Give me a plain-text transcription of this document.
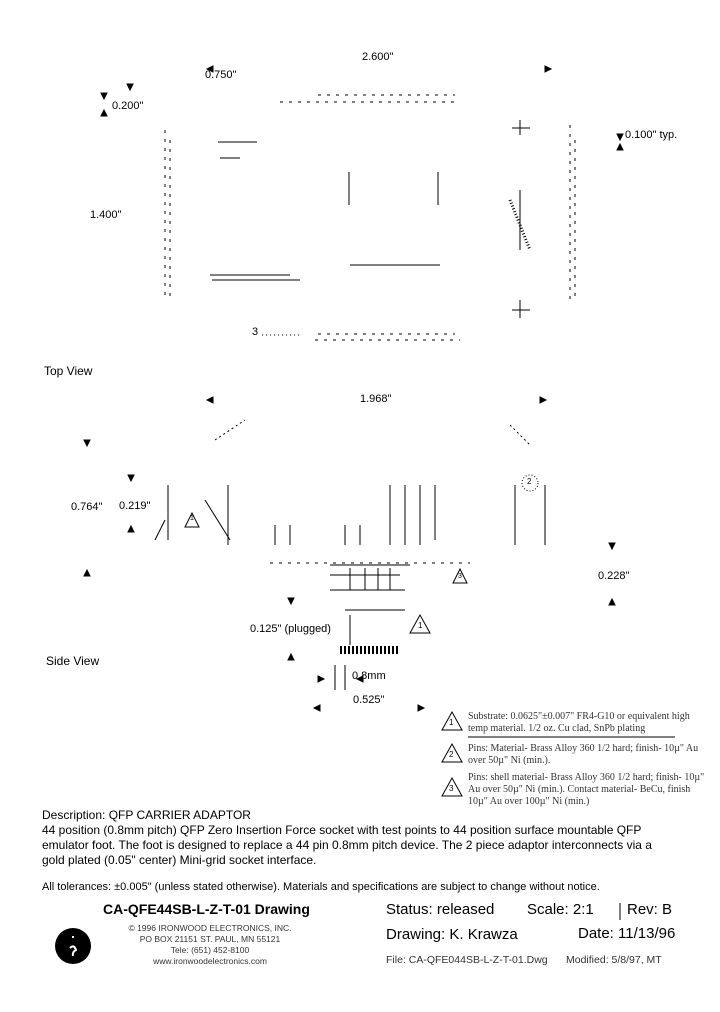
2.600"
0.750"
0.200"
0.100" typ.
1.400"
3
Top View
1.968"
0.764" 0.219"
0.228"
0.125" (plugged)
0.8mm
0.525"
1
2
3
1
Side View
1
2
3
Substrate: 0.0625"±0.007" FR4-G10 or equivalent high temp material. 1/2 oz. Cu clad, SnPb plating
Pins: Material- Brass Alloy 360 1/2 hard; finish- 10µ" Au over 50µ" Ni (min.).
Pins: shell material- Brass Alloy 360 1/2 hard; finish- 10µ" Au over 50µ" Ni (min.). Contact material- BeCu, finish 10µ" Au over 100µ" Ni (min.)
Description: QFP CARRIER ADAPTOR
44 position (0.8mm pitch) QFP Zero Insertion Force socket with test points to 44 position surface mountable QFP emulator foot. The foot is designed to replace a 44 pin 0.8mm pitch device. The 2 piece adaptor interconnects via a gold plated (0.05" center) Mini-grid socket interface.
All tolerances: ±0.005" (unless stated otherwise). Materials and specifications are subject to change without notice.
CA-QFE44SB-L-Z-T-01 Drawing
© 1996 IRONWOOD ELECTRONICS, INC.
PO BOX 21151 ST. PAUL, MN 55121
Tele: (651) 452-8100
www.ironwoodelectronics.com
Status: released Scale: 2:1 Rev: B
Drawing: K. Krawza	Date: 11/13/96
File: CA-QFE044SB-L-Z-T-01.Dwg Modified: 5/8/97, MT
